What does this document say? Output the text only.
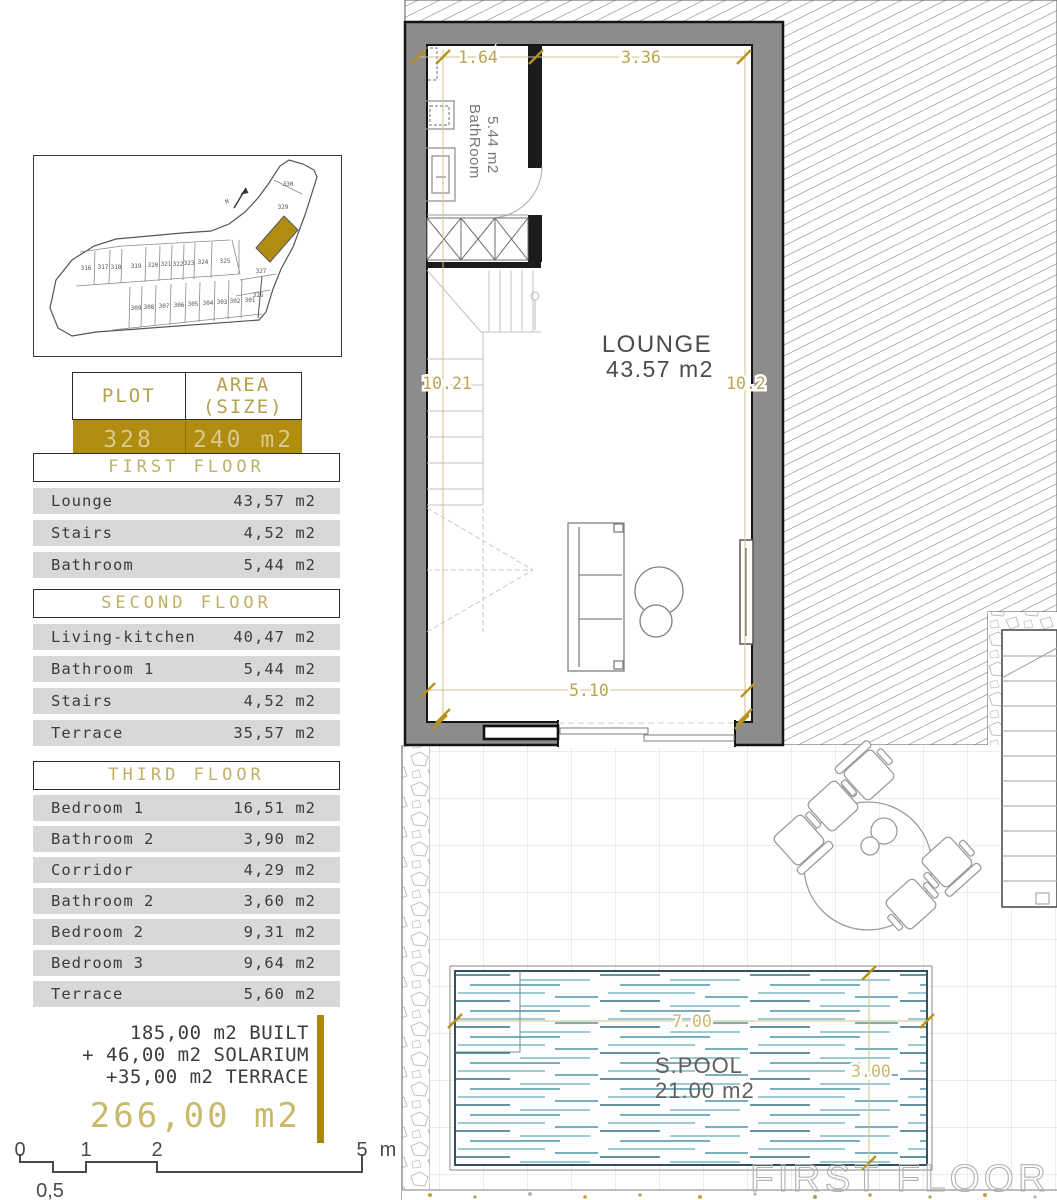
N
316 317 318 319 320 321 322 323 324 325
330
329
327
326
309 308 307 306 305 304 303 302 301
PLOT	AREA (SIZE)
328	240 m2
FIRST FLOOR
Lounge	43,57 m2
Stairs	4,52 m2
Bathroom	5,44 m2
SECOND FLOOR
Living-kitchen 40,47 m2
Bathroom 1	5,44 m2
Stairs	4,52 m2
Terrace	35,57 m2
THIRD FLOOR
Bedroom 1	16,51 m2
Bathroom 2	3,90 m2
Corridor	4,29 m2
Bathroom 2	3,60 m2
Bedroom 2	9,31 m2
Bedroom 3	9,64 m2
Terrace	5,60 m2
185,00 m2 BUILT
+ 46,00 m2 SOLARIUM
+35,00 m2 TERRACE
266,00 m2
0	1	2	5 m
0,5
7.00
3.00
S.POOL
21.00 m2
LOUNGE
43.57 m2
BathRoom 5.44 m2
1.64	3.36
10.21	10.2
5.10
FIRST FLOOR
